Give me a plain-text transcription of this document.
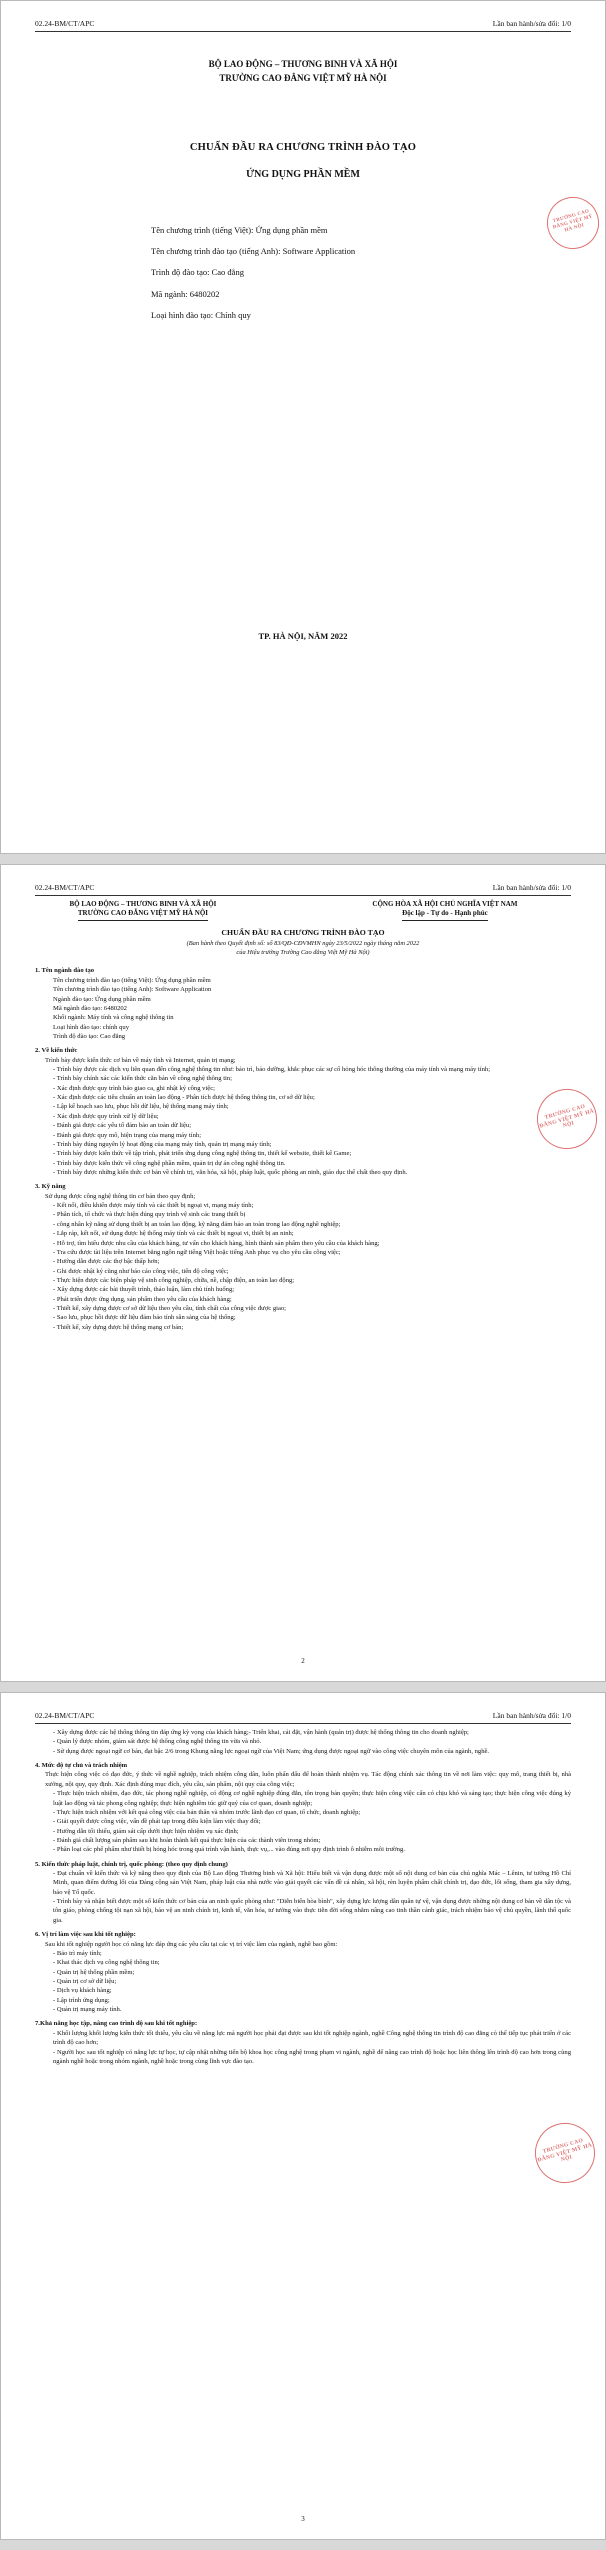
02.24-BM/CT/APC	Lần ban hành/sửa đổi: 1/0
BỘ LAO ĐỘNG – THƯƠNG BINH VÀ XÃ HỘI
TRƯỜNG CAO ĐẲNG VIỆT MỸ HÀ NỘI
CHUẨN ĐẦU RA CHƯƠNG TRÌNH ĐÀO TẠO
ỨNG DỤNG PHẦN MỀM
Tên chương trình (tiếng Việt): Ứng dụng phần mềm
Tên chương trình đào tạo (tiếng Anh): Software Application
Trình độ đào tạo: Cao đẳng
Mã ngành: 6480202
Loại hình đào tạo: Chính quy
TP. HÀ NỘI, NĂM 2022
TRƯỜNG CAO ĐẲNG VIỆT MỸ HÀ NỘI
02.24-BM/CT/APC	Lần ban hành/sửa đổi: 1/0
BỘ LAO ĐỘNG – THƯƠNG BINH VÀ XÃ HỘI
TRƯỜNG CAO ĐẲNG VIỆT MỸ HÀ NỘI
CỘNG HÒA XÃ HỘI CHỦ NGHĨA VIỆT NAM
Độc lập - Tự do - Hạnh phúc
CHUẨN ĐẦU RA CHƯƠNG TRÌNH ĐÀO TẠO
(Ban hành theo Quyết định số: số 83/QĐ-CĐVMHN ngày 23/5/2022 ngày tháng năm 2022
của Hiệu trưởng Trường Cao đẳng Việt Mỹ Hà Nội)

1. Tên ngành đào tạo

Tên chương trình đào tạo (tiếng Việt): Ứng dụng phần mềm

Tên chương trình đào tạo (tiếng Anh): Software Application

Ngành đào tạo: Ứng dụng phần mềm

Mã ngành đào tạo: 6480202

Khối ngành: Máy tính và công nghệ thông tin

Loại hình đào tạo: chính quy

Trình độ đào tạo: Cao đẳng

2. Về kiến thức

Trình bày được kiến thức cơ bản về máy tính và Internet, quản trị mạng;

- Trình bày được các dịch vụ liên quan đến công nghệ thông tin như: bảo trì, bảo dưỡng, khắc phục các sự cố hỏng hóc thông thường của máy tính và mạng máy tính;

- Trình bày chính xác các kiến thức căn bản về công nghệ thông tin;

- Xác định được quy trình bảo giao ca, ghi nhật ký công việc;

- Xác định được các tiêu chuẩn an toàn lao động - Phân tích được hệ thống thông tin, cơ sở dữ liệu;

- Lập kế hoạch sao lưu, phục hồi dữ liệu, hệ thống mạng máy tính;

- Xác định được quy trình xử lý dữ liệu;

- Đánh giá được các yếu tố đảm bảo an toàn dữ liệu;

- Đánh giá được quy mô, hiện trạng của mạng máy tính;

- Trình bày đúng nguyên lý hoạt động của mạng máy tính, quản trị mạng máy tính;

- Trình bày được kiến thức về tập trình, phát triển ứng dụng công nghệ thông tin, thiết kế website, thiết kế Game;

- Trình bày được kiến thức về công nghệ phần mềm, quản trị dự án công nghệ thông tin.

- Trình bày được những kiến thức cơ bản về chính trị, văn hóa, xã hội, pháp luật, quốc phòng an ninh, giáo dục thể chất theo quy định.

3. Kỹ năng

Sử dụng được công nghệ thông tin cơ bản theo quy định;

- Kết nối, điều khiển được máy tính và các thiết bị ngoại vi, mạng máy tính;

- Phân tích, tổ chức và thực hiện đúng quy trình vệ sinh các trang thiết bị

- công nhân kỹ năng sử dụng thiết bị an toàn lao động, kỹ năng đảm bảo an toàn trong lao động nghề nghiệp;

- Lắp ráp, kết nối, sử dụng được hệ thống máy tính và các thiết bị ngoại vi, thiết bị an ninh;

- Hỗ trợ, tìm hiểu được nhu cầu của khách hàng, tư vấn cho khách hàng, hình thành sản phẩm theo yêu cầu của khách hàng;

- Tra cứu được tài liệu trên Internet bằng ngôn ngữ tiếng Việt hoặc tiếng Anh phục vụ cho yêu cầu công việc;

- Hướng dẫn được các thợ bậc thấp hơn;

- Ghi được nhật ký cũng như báo cáo công việc, tiến độ công việc;

- Thực hiện được các biện pháp vệ sinh công nghiệp, chữa, nề, chập điện, an toàn lao động;

- Xây dựng được các bài thuyết trình, thảo luận, làm chủ tính huống;

- Phát triển được ứng dụng, sản phẩm theo yêu cầu của khách hàng;

- Thiết kế, xây dựng được cơ sở dữ liệu theo yêu cầu, tính chất của công việc được giao;

- Sao lưu, phục hồi được dữ liệu đảm bảo tính sẵn sàng của hệ thống;

- Thiết kế, xây dựng được hệ thống mạng cơ bản;

TRƯỜNG CAO ĐẲNG VIỆT MỸ HÀ NỘI
2
02.24-BM/CT/APC	Lần ban hành/sửa đổi: 1/0

- Xây dựng được các hệ thống thông tin đáp ứng kỳ vọng của khách hàng;- Triển khai, cải đặt, vận hành (quản trị) được hệ thống thông tin cho doanh nghiệp;

- Quản lý được nhóm, giám sát được hệ thống công nghệ thông tin vừa và nhỏ.

- Sử dụng được ngoại ngữ cơ bản, đạt bậc 2/6 trong Khung năng lực ngoại ngữ của Việt Nam; ứng dụng được ngoại ngữ vào công việc chuyên môn của ngành, nghề.

4. Mức độ tự chủ và trách nhiệm

Thực hiện công việc có đạo đức, ý thức về nghề nghiệp, trách nhiệm công dân, luôn phấn đấu để hoàn thành nhiệm vụ. Tác động chính xác thông tin về nơi làm việc: quy mô, trang thiết bị, nhà xưởng, nội quy, quy định. Xác định đúng mục đích, yêu cầu, sản phẩm, nội quy của công việc;

- Thực hiện trách nhiệm, đạo đức, tác phong nghề nghiệp, có động cơ nghề nghiệp đúng đắn, tôn trọng bản quyền; thực hiện công việc cẩn có chịu khó và sáng tạo; thực hiện công việc đúng kỷ luật lao động và tác phong công nghiệp; thực hiện nghiêm túc giữ quý của cơ quan, doanh nghiệp;

- Thực hiện trách nhiệm với kết quả công việc của bản thân và nhóm trước lãnh đạo cơ quan, tổ chức, doanh nghiệp;

- Giải quyết được công việc, vấn đề phát tạp trong điều kiện làm việc thay đổi;

- Hướng dẫn tối thiểu, giám sát cấp dưới thực hiện nhiệm vụ xác định;

- Đánh giá chất lượng sản phẩm sau khi hoàn thành kết quả thực hiện của các thành viên trong nhóm;

- Phân loại các phế phẩm như thiết bị hỏng hóc trong quá trình vận hành, thực vụ,... vào đúng nơi quy định trình ô nhiễm môi trường.

5. Kiến thức pháp luật, chính trị, quốc phòng: (theo quy định chung)

- Đạt chuẩn về kiến thức và kỹ năng theo quy định của Bộ Lao động Thương binh và Xã hội: Hiểu biết và vận dụng được một số nội dung cơ bản của chủ nghĩa Mác – Lênin, tư tưởng Hồ Chí Minh, quan điểm đường lối của Đảng cộng sản Việt Nam, pháp luật của nhà nước vào giải quyết các vấn đề cá nhân, xã hội, rèn luyện phẩm chất chính trị, đạo đức, lối sống, tham gia xây dựng, bảo vệ Tổ quốc.

- Trình bày và nhận biết được một số kiến thức cơ bản của an ninh quốc phòng như: "Diễn biến hòa bình", xây dựng lực lượng dân quân tự vệ, vận dụng được những nội dung cơ bản về dân tộc và tôn giáo, phòng chống tội nạn xã hội, bảo vệ an ninh chính trị, kinh tế, văn hóa, tư tưởng vào thực tiễn đời sống nhằm nâng cao tinh thần cảnh giác, trách nhiệm bảo vệ chủ quyền, lãnh thổ quốc gia.

6. Vị trí làm việc sau khi tốt nghiệp:

Sau khi tốt nghiệp người học có năng lực đáp ứng các yêu cầu tại các vị trí việc làm của ngành, nghề bao gồm:

- Bảo trì máy tính;

- Khai thác dịch vụ công nghệ thông tin;

- Quản trị hệ thống phần mềm;

- Quản trị cơ sở dữ liệu;

- Dịch vụ khách hàng;

- Lập trình ứng dụng;

- Quản trị mạng máy tính.

7.Khả năng học tập, nâng cao trình độ sau khi tốt nghiệp:

- Khối lượng khối lượng kiến thức tối thiểu, yêu cầu về năng lực mà người học phải đạt được sau khi tốt nghiệp ngành, nghề Công nghệ thông tin trình độ cao đẳng có thể tiếp tục phát triển ở các trình độ cao hơn;

- Người học sau tốt nghiệp có năng lực tự học, tự cập nhật những tiến bộ khoa học công nghệ trong phạm vi ngành, nghề để nâng cao trình độ hoặc học liên thông lên trình độ cao hơn trong cùng ngành nghề hoặc trong nhóm ngành, nghề hoặc trong cùng lĩnh vực đào tạo.

TRƯỜNG CAO ĐẲNG VIỆT MỸ HÀ NỘI
3
